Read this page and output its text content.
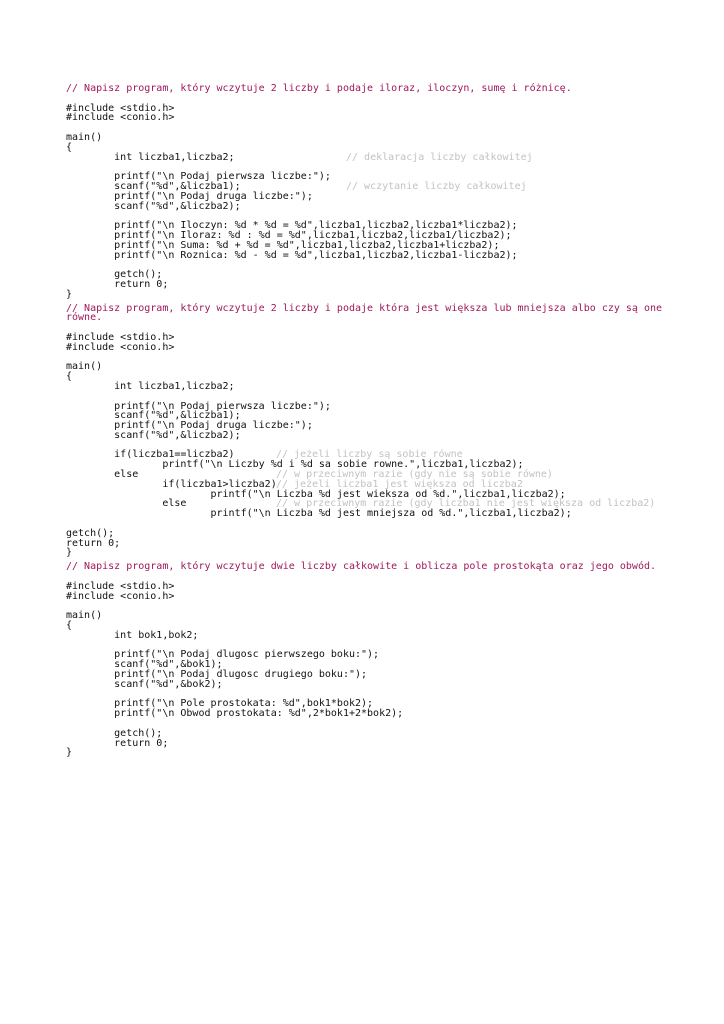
// Napisz program, który wczytuje 2 liczby i podaje iloraz, iloczyn, sumę i różnicę.
#include <stdio.h>
#include <conio.h>
main()
{
int liczba1,liczba2;	// deklaracja liczby całkowitej
printf("\n Podaj pierwsza liczbe:");
scanf("%d",&liczba1);	// wczytanie liczby całkowitej
printf("\n Podaj druga liczbe:");
scanf("%d",&liczba2);
printf("\n Iloczyn: %d * %d = %d",liczba1,liczba2,liczba1*liczba2);
printf("\n Iloraz: %d : %d = %d",liczba1,liczba2,liczba1/liczba2);
printf("\n Suma: %d + %d = %d",liczba1,liczba2,liczba1+liczba2);
printf("\n Roznica: %d - %d = %d",liczba1,liczba2,liczba1-liczba2);
getch();
return 0;
}
// Napisz program, który wczytuje 2 liczby i podaje która jest większa lub mniejsza albo czy są one równe.
#include <stdio.h>
#include <conio.h>
main()
{
int liczba1,liczba2;
printf("\n Podaj pierwsza liczbe:");
scanf("%d",&liczba1);
printf("\n Podaj druga liczbe:");
scanf("%d",&liczba2);
if(liczba1==liczba2)	// jeżeli liczby są sobie równe
printf("\n Liczby %d i %d sa sobie rowne.",liczba1,liczba2);
else	// w przeciwnym razie (gdy nie są sobie równe)
if(liczba1>liczba2) // jeżeli liczba1 jest większa od liczba2
printf("\n Liczba %d jest wieksza od %d.",liczba1,liczba2);
else	// w przeciwnym razie (gdy liczba1 nie jest większa od liczba2)
printf("\n Liczba %d jest mniejsza od %d.",liczba1,liczba2);
getch();
return 0;
}
// Napisz program, który wczytuje dwie liczby całkowite i oblicza pole prostokąta oraz jego obwód.
#include <stdio.h>
#include <conio.h>
main()
{
int bok1,bok2;
printf("\n Podaj dlugosc pierwszego boku:");
scanf("%d",&bok1);
printf("\n Podaj dlugosc drugiego boku:");
scanf("%d",&bok2);
printf("\n Pole prostokata: %d",bok1*bok2);
printf("\n Obwod prostokata: %d",2*bok1+2*bok2);
getch();
return 0;
}
